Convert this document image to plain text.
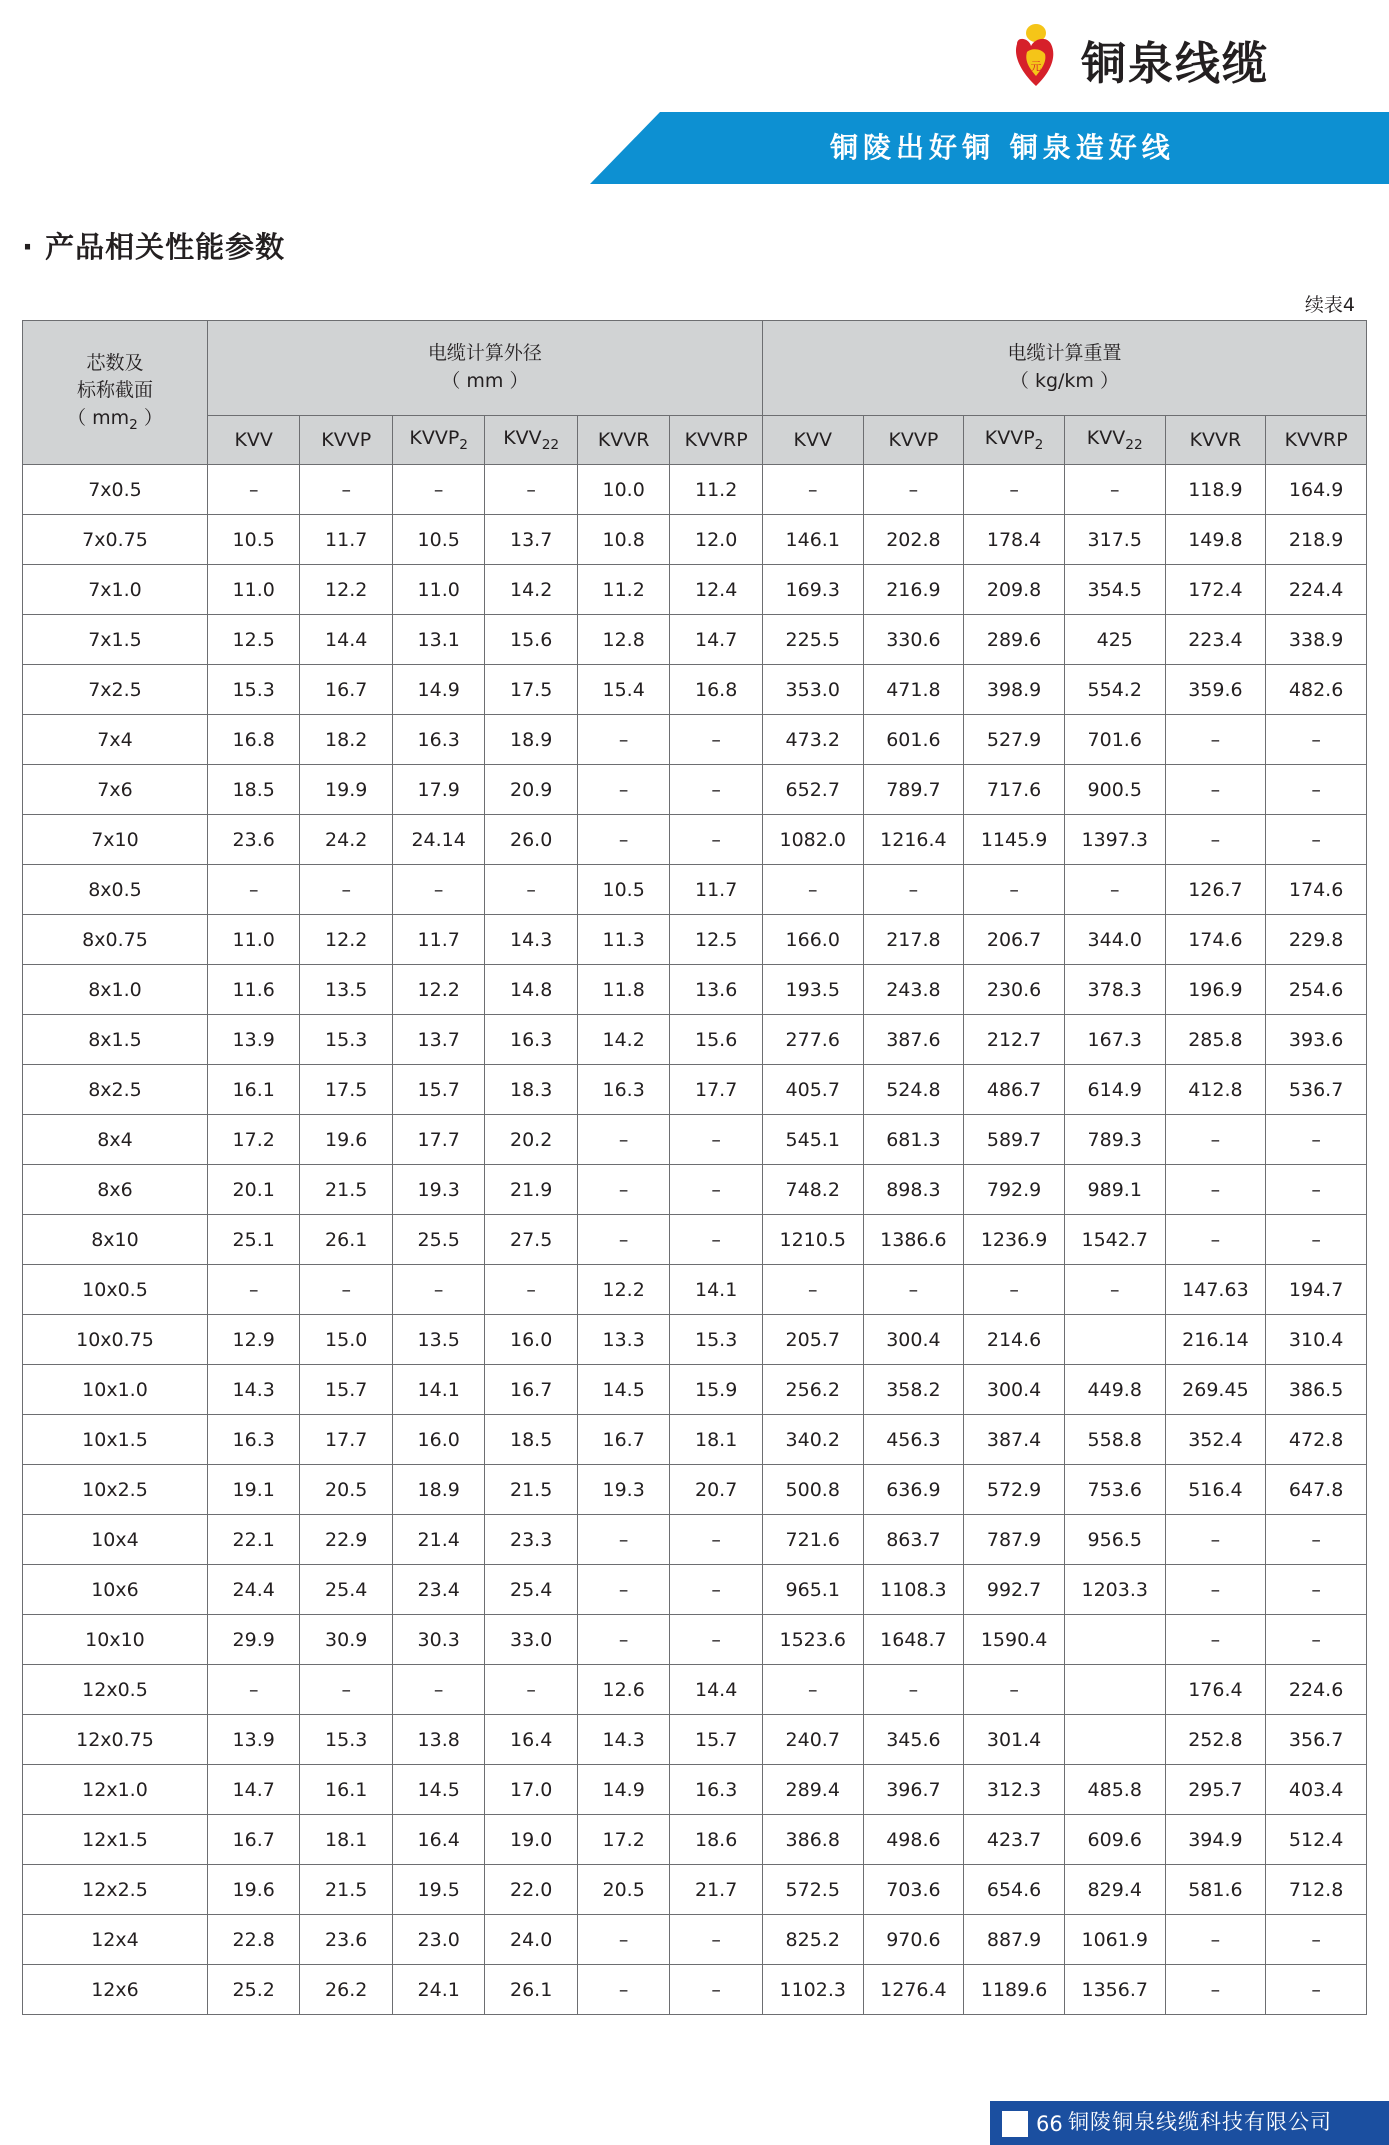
元 铜泉线缆
铜陵出好铜 铜泉造好线
· 产品相关性能参数
续表4
芯数及
标称截面
（ $mm_2$ ）	电缆计算外径
（ mm ）						电缆计算重置
（ kg/km ）					
	KVV	KVVP	$KVVP_2$	$KVV_{22}$	KVVR	KVVRP	KVV	KVVP	$KVVP_2$	$KVV_{22}$	KVVR	KVVRP
7x0.5	–	–	–	–	10.0	11.2	–	–	–	–	118.9	164.9
7x0.75	10.5	11.7	10.5	13.7	10.8	12.0	146.1	202.8	178.4	317.5	149.8	218.9
7x1.0	11.0	12.2	11.0	14.2	11.2	12.4	169.3	216.9	209.8	354.5	172.4	224.4
7x1.5	12.5	14.4	13.1	15.6	12.8	14.7	225.5	330.6	289.6	425	223.4	338.9
7x2.5	15.3	16.7	14.9	17.5	15.4	16.8	353.0	471.8	398.9	554.2	359.6	482.6
7x4	16.8	18.2	16.3	18.9	–	–	473.2	601.6	527.9	701.6	–	–
7x6	18.5	19.9	17.9	20.9	–	–	652.7	789.7	717.6	900.5	–	–
7x10	23.6	24.2	24.14	26.0	–	–	1082.0	1216.4	1145.9	1397.3	–	–
8x0.5	–	–	–	–	10.5	11.7	–	–	–	–	126.7	174.6
8x0.75	11.0	12.2	11.7	14.3	11.3	12.5	166.0	217.8	206.7	344.0	174.6	229.8
8x1.0	11.6	13.5	12.2	14.8	11.8	13.6	193.5	243.8	230.6	378.3	196.9	254.6
8x1.5	13.9	15.3	13.7	16.3	14.2	15.6	277.6	387.6	212.7	167.3	285.8	393.6
8x2.5	16.1	17.5	15.7	18.3	16.3	17.7	405.7	524.8	486.7	614.9	412.8	536.7
8x4	17.2	19.6	17.7	20.2	–	–	545.1	681.3	589.7	789.3	–	–
8x6	20.1	21.5	19.3	21.9	–	–	748.2	898.3	792.9	989.1	–	–
8x10	25.1	26.1	25.5	27.5	–	–	1210.5	1386.6	1236.9	1542.7	–	–
10x0.5	–	–	–	–	12.2	14.1	–	–	–	–	147.63	194.7
10x0.75	12.9	15.0	13.5	16.0	13.3	15.3	205.7	300.4	214.6		216.14	310.4
10x1.0	14.3	15.7	14.1	16.7	14.5	15.9	256.2	358.2	300.4	449.8	269.45	386.5
10x1.5	16.3	17.7	16.0	18.5	16.7	18.1	340.2	456.3	387.4	558.8	352.4	472.8
10x2.5	19.1	20.5	18.9	21.5	19.3	20.7	500.8	636.9	572.9	753.6	516.4	647.8
10x4	22.1	22.9	21.4	23.3	–	–	721.6	863.7	787.9	956.5	–	–
10x6	24.4	25.4	23.4	25.4	–	–	965.1	1108.3	992.7	1203.3	–	–
10x10	29.9	30.9	30.3	33.0	–	–	1523.6	1648.7	1590.4		–	–
12x0.5	–	–	–	–	12.6	14.4	–	–	–		176.4	224.6
12x0.75	13.9	15.3	13.8	16.4	14.3	15.7	240.7	345.6	301.4		252.8	356.7
12x1.0	14.7	16.1	14.5	17.0	14.9	16.3	289.4	396.7	312.3	485.8	295.7	403.4
12x1.5	16.7	18.1	16.4	19.0	17.2	18.6	386.8	498.6	423.7	609.6	394.9	512.4
12x2.5	19.6	21.5	19.5	22.0	20.5	21.7	572.5	703.6	654.6	829.4	581.6	712.8
12x4	22.8	23.6	23.0	24.0	–	–	825.2	970.6	887.9	1061.9	–	–
12x6	25.2	26.2	24.1	26.1	–	–	1102.3	1276.4	1189.6	1356.7	–	–
66 铜陵铜泉线缆科技有限公司
